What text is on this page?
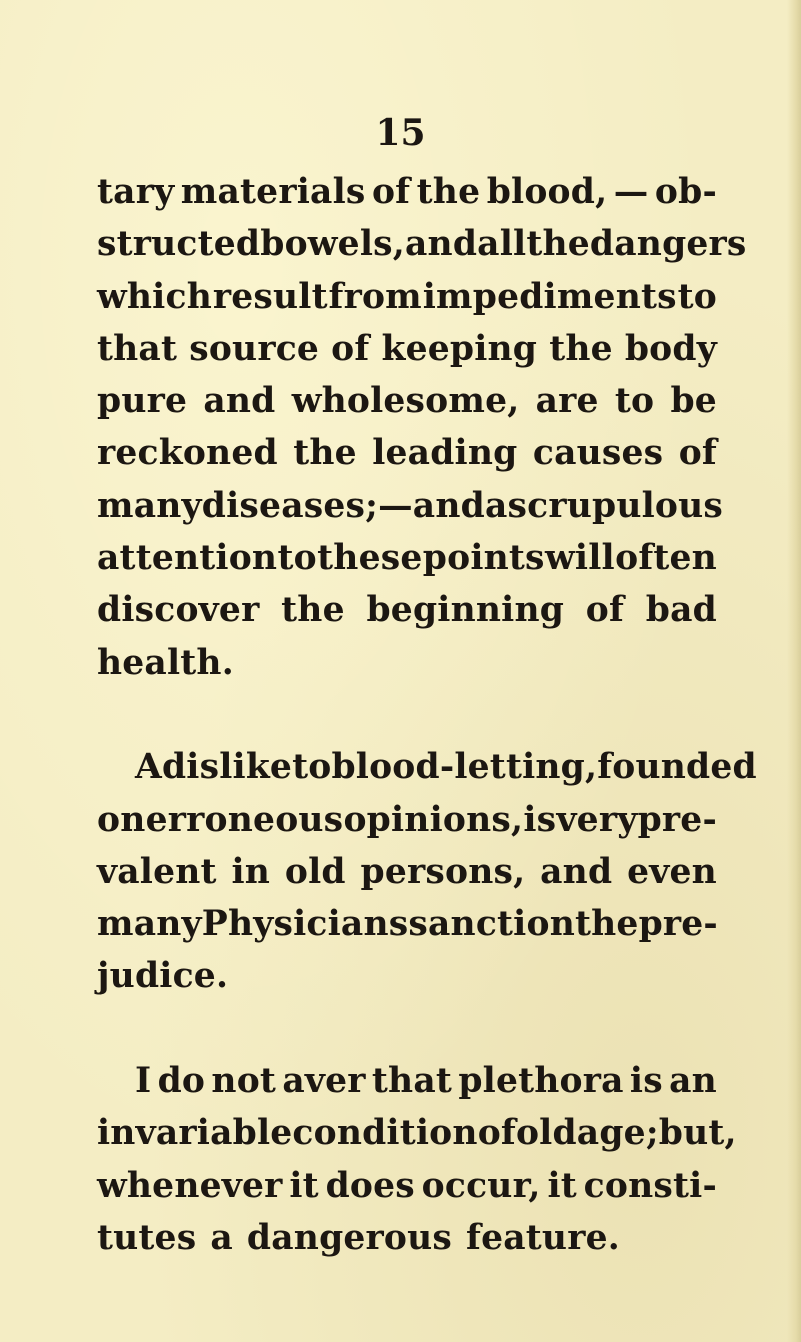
15
tary materials of the blood, — ob-
structed bowels, and all the dangers
which result from impediments to
that source of keeping the body
pure and wholesome, are to be
reckoned the leading causes of
many diseases ; — and a scrupulous
attention to these points will often
discover the beginning of bad
health.
A dislike to blood-letting, founded
on erroneous opinions, is very pre-
valent in old persons, and even
many Physicians sanction the pre-
judice.
I do not aver that plethora is an
invariable condition of old age ; but,
whenever it does occur, it consti-
tutes a dangerous feature.
